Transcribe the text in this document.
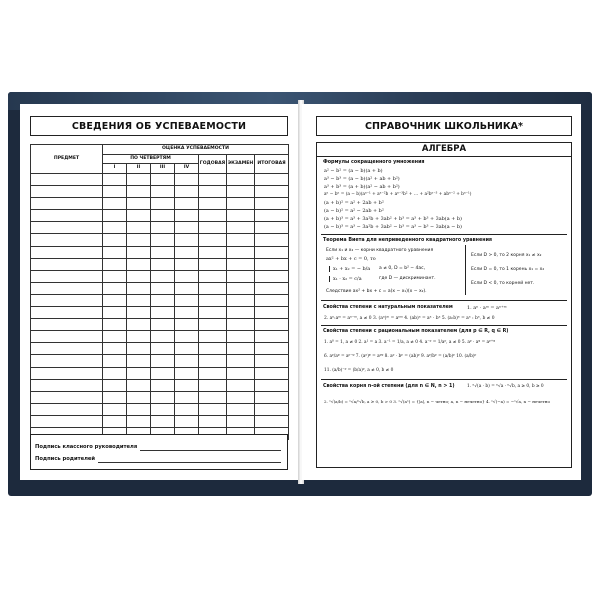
СВЕДЕНИЯ ОБ УСПЕВАЕМОСТИ
ПРЕДМЕТ	ОЦЕНКА УСПЕВАЕМОСТИ						
	ПО ЧЕТВЕРТЯМ				ГОДОВАЯ	ЭКЗАМЕН	ИТОГОВАЯ
	I	II	III	IV			

Подпись классного руководителя
Подпись родителей
СПРАВОЧНИК ШКОЛЬНИКА*
АЛГЕБРА
Формулы сокращенного умножения
a² − b² = (a − b)(a + b)
a³ − b³ = (a − b)(a² + ab + b²)
a³ + b³ = (a + b)(a² − ab + b²)
aⁿ − bⁿ = (a − b)(aⁿ⁻¹ + aⁿ⁻²b + aⁿ⁻³b² + … + a²bⁿ⁻³ + abⁿ⁻² + bⁿ⁻¹)
(a + b)² = a² + 2ab + b²
(a − b)² = a² − 2ab + b²
(a + b)³ = a³ + 3a²b + 3ab² + b³ = a³ + b³ + 3ab(a + b)
(a − b)³ = a³ − 3a²b + 3ab² − b³ = a³ − b³ − 3ab(a − b)
Теорема Виета для неприведенного квадратного уравнения
Если x₁ и x₂ — корни квадратного уравнения
ax² + bx + c = 0, то
x₁ + x₂ = − b/a a ≠ 0, D = b² − 4ac,
x₁ · x₂ = c/a	где D — дискриминант.
Следствие ax² + bx + c = a(x − x₁)(x − x₂).
Если D > 0, то 2 корня x₁ ≠ x₂
Если D = 0, то 1 корень x₁ = x₂
Если D < 0, то корней нет.
Свойства степени с натуральным показателем	1. aⁿ · aᵐ = aⁿ⁺ᵐ
2. aⁿ:aᵐ = aⁿ⁻ᵐ, a ≠ 0 3. (aⁿ)ᵐ = aⁿᵐ 4. (ab)ⁿ = aⁿ · bⁿ 5. (a:b)ⁿ = aⁿ : bⁿ, b ≠ 0
Свойства степени с рациональным показателем (для p ∈ R, q ∈ R)
1. a⁰ = 1, a ≠ 0 2. a¹ = a 3. a⁻¹ = 1/a, a ≠ 0 4. a⁻ᵖ = 1/aᵖ, a ≠ 0 5. aᵖ · aᵠ = aᵖ⁺ᵠ
6. aᵖ/aᵠ = aᵖ⁻ᵠ 7. (aᵖ)ᵠ = aᵖᵠ 8. aᵖ · bᵖ = (ab)ᵖ 9. aᵖ/bᵖ = (a/b)ᵖ 10. (a/b)ᵖ
11. (a/b)⁻ᵖ = (b/a)ᵖ, a ≠ 0, b ≠ 0
Свойства корня n-ой степени (для n ∈ N, n > 1)	1. ⁿ√(a · b) = ⁿ√a · ⁿ√b, a ≥ 0, b ≥ 0
2. ⁿ√(a/b) = ⁿ√a/ⁿ√b, a ≥ 0, b > 0 3. ⁿ√(aⁿ) = {|a|, n − четно; a, n − нечетно} 4. ⁿ√(−a) = −ⁿ√a, n − нечетно
